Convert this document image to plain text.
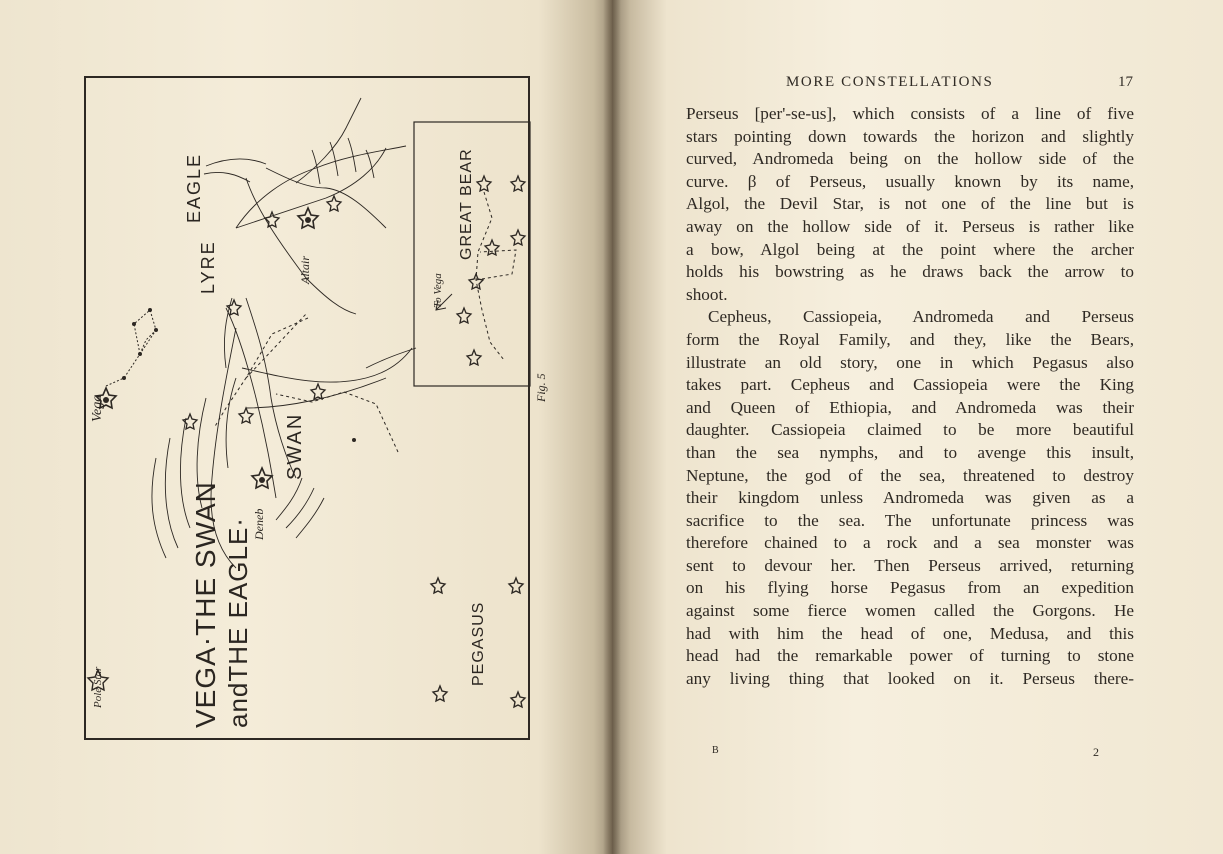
VEGA·THE SWAN andTHE EAGLE·
SWAN
LYRE
EAGLE	GREAT BEAR
PEGASUS
Vega
Pole Star
Deneb
Altair
To Vega
Fig. 5
MORE CONSTELLATIONS	17

Perseus [per'-se-us], which consists of a line of five
stars pointing down towards the horizon and slightly
curved, Andromeda being on the hollow side of the
curve. β of Perseus, usually known by its name,
Algol, the Devil Star, is not one of the line but is
away on the hollow side of it. Perseus is rather like
a bow, Algol being at the point where the archer
holds his bowstring as he draws back the arrow to
shoot.

Cepheus, Cassiopeia, Andromeda and Perseus
form the Royal Family, and they, like the Bears,
illustrate an old story, one in which Pegasus also
takes part. Cepheus and Cassiopeia were the King
and Queen of Ethiopia, and Andromeda was their
daughter. Cassiopeia claimed to be more beautiful
than the sea nymphs, and to avenge this insult,
Neptune, the god of the sea, threatened to destroy
their kingdom unless Andromeda was given as a
sacrifice to the sea. The unfortunate princess was
therefore chained to a rock and a sea monster was
sent to devour her. Then Perseus arrived, returning
on his flying horse Pegasus from an expedition
against some fierce women called the Gorgons. He
had with him the head of one, Medusa, and this
head had the remarkable power of turning to stone
any living thing that looked on it. Perseus there-

B	2
